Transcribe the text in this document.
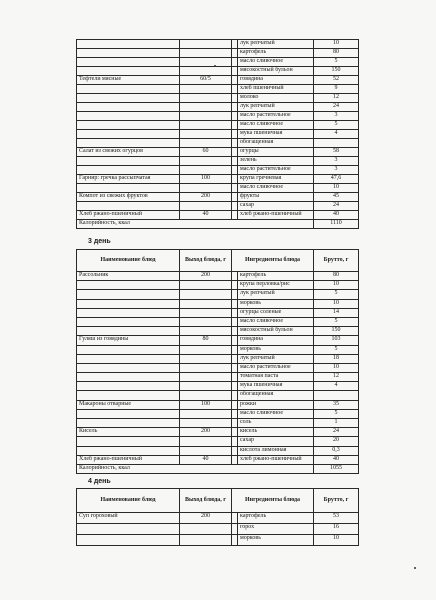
			лук репчатый	10
			картофель	80
			масло сливочное	5
			мясокостный бульон	150
Тефтели мясные	60/5		говядина	52
			хлеб пшеничный	9
			молоко	12
			лук репчатый	24
			масло растительное	3
			масло сливочное	5
			мука пшеничная	4
			обогащенная	
Салат из свежих огурцов	60		огурцы	58
			зелень	3
			масло растительное	3
Гарнир: гречка рассыпчатая	100		крупа гречневая	47,6
			масло сливочное	10
Компот из свежих фруктов	200		фрукты	45
			сахар	24
Хлеб ржано-пшеничный	40		хлеб ржано-пшеничный	40
Калорийность, ккал				1110
3 день
Наименование блюд	Выход блюда, г	Ингредиенты блюда		Брутто, г
Рассольник	200		картофель	80
			крупа перловка/рис	10
			лук репчатый	5
			морковь	10
			огурцы соленые	14
			масло сливочное	5
			мясокостный бульон	150
Гуляш из говядины	80		говядина	103
			морковь	5
			лук репчатый	18
			масло растительное	10
			томатная паста	12
			мука пшеничная	4
			обогащенная	
Макароны отварные	100		рожки	35
			масло сливочное	5
			соль	1
Кисель	200		кисель	24
			сахар	20
			кислота лимонная	0,3
Хлеб ржано-пшеничный	40		хлеб ржано-пшеничный	40
Калорийность, ккал				1055
4 день
Наименование блюд	Выход блюда, г	Ингредиенты блюда		Брутто, г
Суп гороховый	200		картофель	53
			горох	16
			морковь	10
